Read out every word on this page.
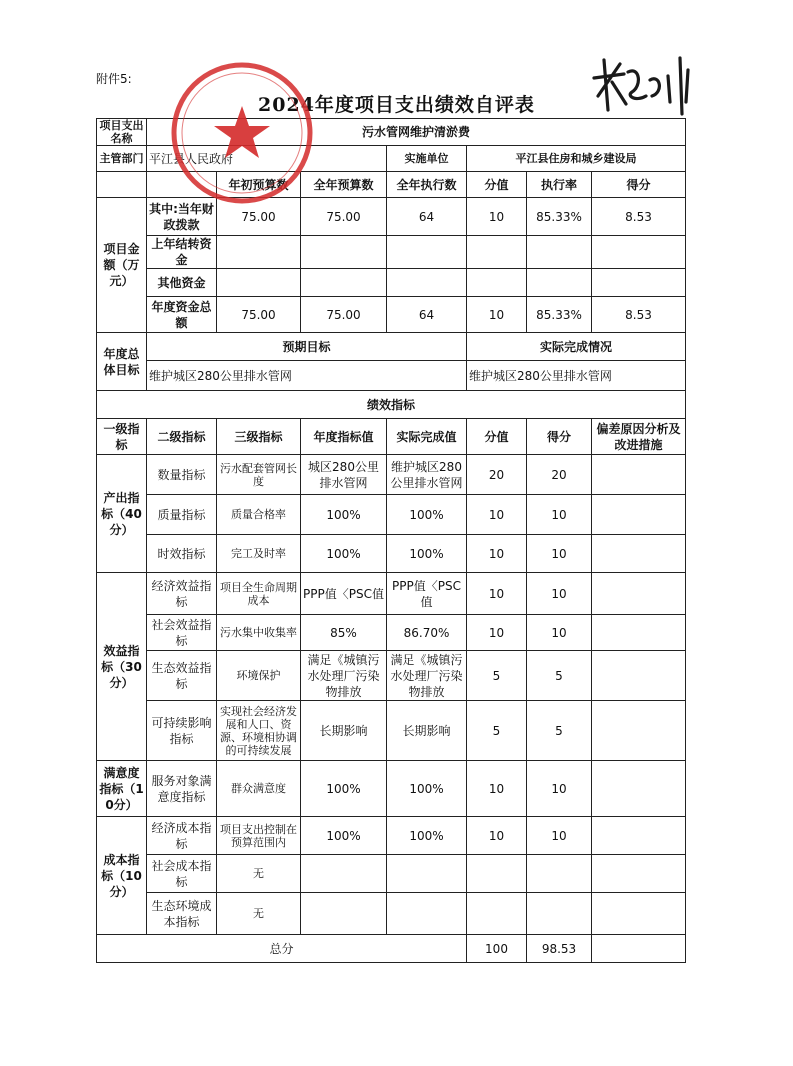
附件5:
2024年度项目支出绩效自评表
项目支出名称	污水管网维护清淤费						
主管部门	平江县人民政府			实施单位	平江县住房和城乡建设局		
		年初预算数	全年预算数	全年执行数	分值	执行率	得分
项目金额（万元）	其中:当年财政拨款	75.00	75.00	64	10	85.33%	8.53
	上年结转资金						
	其他资金						
	年度资金总额	75.00	75.00	64	10	85.33%	8.53
年度总体目标	预期目标				实际完成情况		
	维护城区280公里排水管网				维护城区280公里排水管网		
绩效指标							
一级指标	二级指标	三级指标	年度指标值	实际完成值	分值	得分	偏差原因分析及改进措施
产出指标（40分）	数量指标	污水配套管网长度	城区280公里排水管网	维护城区280公里排水管网	20	20	
	质量指标	质量合格率	100%	100%	10	10	
	时效指标	完工及时率	100%	100%	10	10	
效益指标（30分）	经济效益指标	项目全生命周期成本	PPP值〈PSC值	PPP值〈PSC值	10	10	
	社会效益指标	污水集中收集率	85%	86.70%	10	10	
	生态效益指标	环境保护	满足《城镇污水处理厂污染物排放	满足《城镇污水处理厂污染物排放	5	5	
	可持续影响指标	实现社会经济发展和人口、资源、环境相协调的可持续发展	长期影响	长期影响	5	5	
满意度指标（10分）	服务对象满意度指标	群众满意度	100%	100%	10	10	
成本指标（10分）	经济成本指标	项目支出控制在预算范围内	100%	100%	10	10	
	社会成本指标	无					
	生态环境成本指标	无					
总分					100	98.53	
